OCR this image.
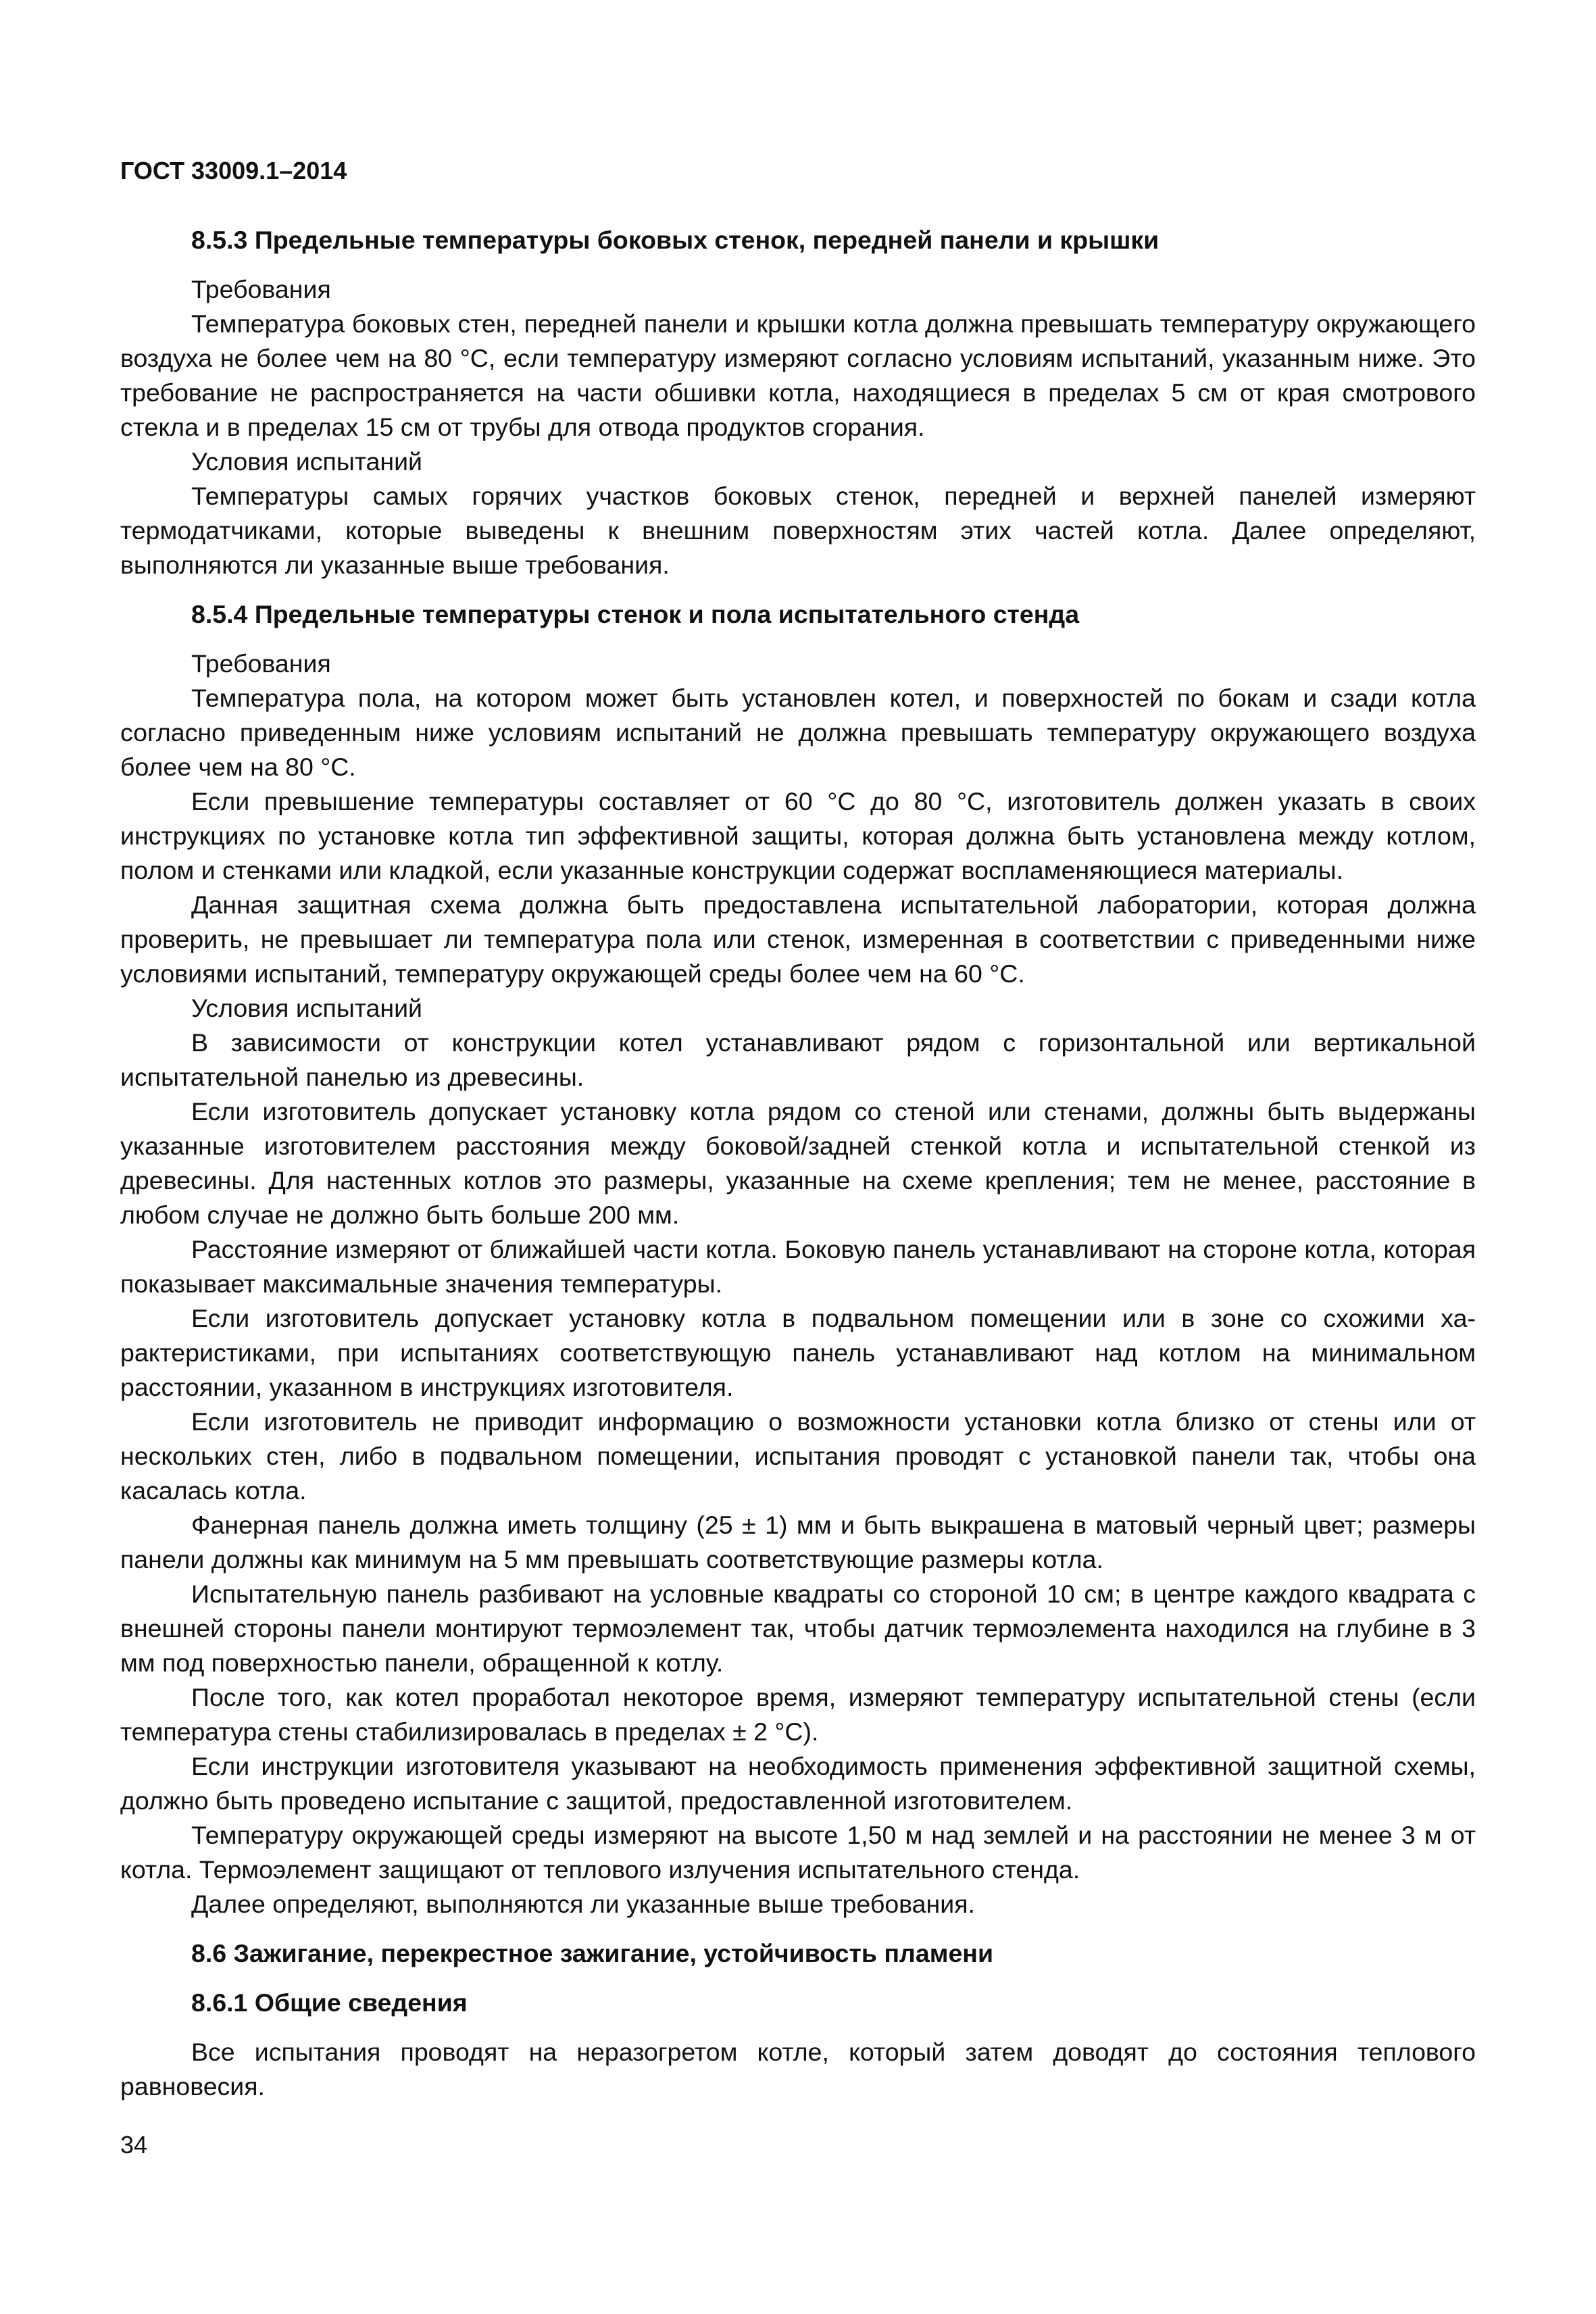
ГОСТ 33009.1–2014
8.5.3 Предельные температуры боковых стенок, передней панели и крышки

Требования

Температура боковых стен, передней панели и крышки котла должна превышать температуру окружающего воздуха не более чем на 80 °С, если температуру измеряют согласно условиям испытаний, указанным ниже. Это требование не распространяется на части обшивки котла, находящиеся в пределах 5 см от края смотрового стекла и в пределах 15 см от трубы для отвода продуктов сгорания.

Условия испытаний

Температуры самых горячих участков боковых стенок, передней и верхней панелей измеряют термодатчиками, которые выведены к внешним поверхностям этих частей котла. Далее определяют, выполняются ли указанные выше требования.

8.5.4 Предельные температуры стенок и пола испытательного стенда

Требования

Температура пола, на котором может быть установлен котел, и поверхностей по бокам и сзади котла согласно приведенным ниже условиям испытаний не должна превышать температуру окружающего воздуха более чем на 80 °С.

Если превышение температуры составляет от 60 °С до 80 °С, изготовитель должен указать в своих инструкциях по установке котла тип эффективной защиты, которая должна быть установлена между котлом, полом и стенками или кладкой, если указанные конструкции содержат воспламеняющиеся материалы.

Данная защитная схема должна быть предоставлена испытательной лаборатории, которая должна проверить, не превышает ли температура пола или стенок, измеренная в соответствии с приведенными ниже условиями испытаний, температуру окружающей среды более чем на 60 °С.

Условия испытаний

В зависимости от конструкции котел устанавливают рядом с горизонтальной или вертикальной испытательной панелью из древесины.

Если изготовитель допускает установку котла рядом со стеной или стенами, должны быть выдержаны указанные изготовителем расстояния между боковой/задней стенкой котла и испытательной стенкой из древесины. Для настенных котлов это размеры, указанные на схеме крепления; тем не менее, расстояние в любом случае не должно быть больше 200 мм.

Расстояние измеряют от ближайшей части котла. Боковую панель устанавливают на стороне котла, которая показывает максимальные значения температуры.

Если изготовитель допускает установку котла в подвальном помещении или в зоне со схожими характеристиками, при испытаниях соответствующую панель устанавливают над котлом на минимальном расстоянии, указанном в инструкциях изготовителя.

Если изготовитель не приводит информацию о возможности установки котла близко от стены или от нескольких стен, либо в подвальном помещении, испытания проводят с установкой панели так, чтобы она касалась котла.

Фанерная панель должна иметь толщину (25 ± 1) мм и быть выкрашена в матовый черный цвет; размеры панели должны как минимум на 5 мм превышать соответствующие размеры котла.

Испытательную панель разбивают на условные квадраты со стороной 10 см; в центре каждого квадрата с внешней стороны панели монтируют термоэлемент так, чтобы датчик термоэлемента находился на глубине в 3 мм под поверхностью панели, обращенной к котлу.

После того, как котел проработал некоторое время, измеряют температуру испытательной стены (если температура стены стабилизировалась в пределах ± 2 °С).

Если инструкции изготовителя указывают на необходимость применения эффективной защитной схемы, должно быть проведено испытание с защитой, предоставленной изготовителем.

Температуру окружающей среды измеряют на высоте 1,50 м над землей и на расстоянии не менее 3 м от котла. Термоэлемент защищают от теплового излучения испытательного стенда.

Далее определяют, выполняются ли указанные выше требования.

8.6 Зажигание, перекрестное зажигание, устойчивость пламени
8.6.1 Общие сведения

Все испытания проводят на неразогретом котле, который затем доводят до состояния теплового равновесия.

34
